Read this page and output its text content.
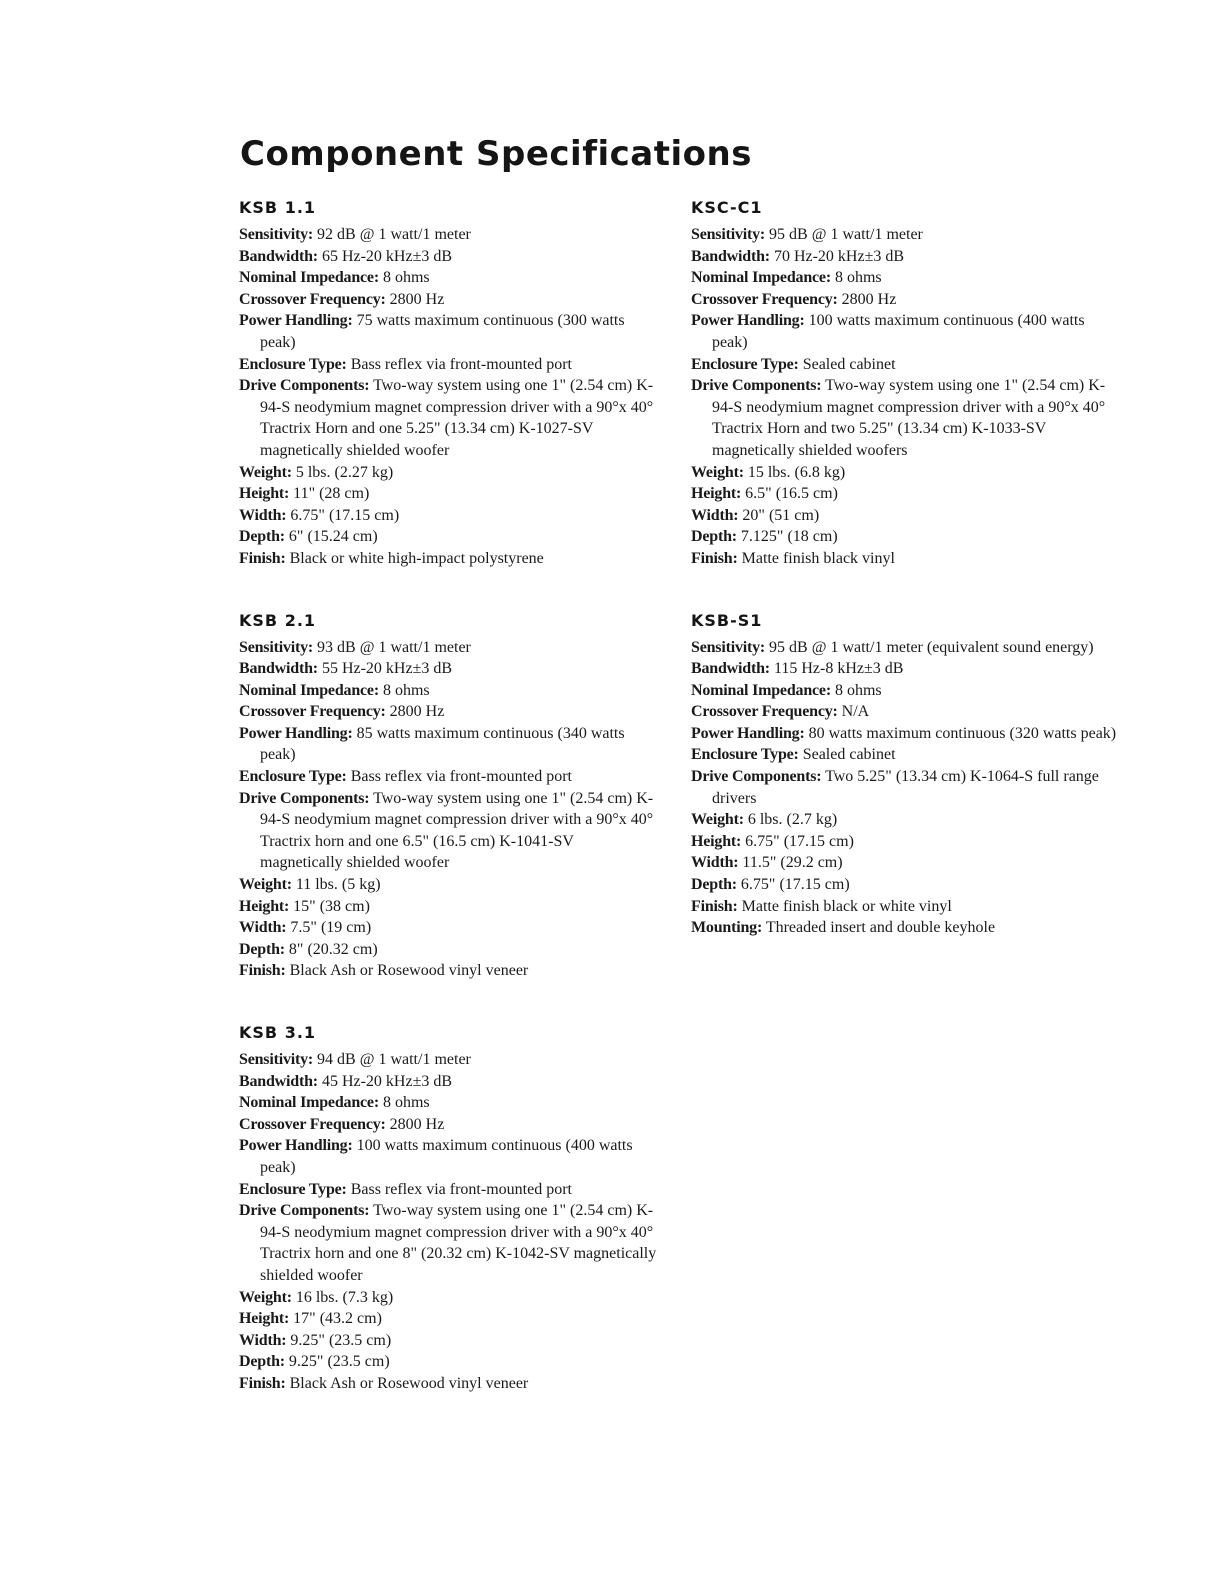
Component Specifications
KSB 1.1

Sensitivity: 92 dB @ 1 watt/1 meter

Bandwidth: 65 Hz-20 kHz±3 dB

Nominal Impedance: 8 ohms

Crossover Frequency: 2800 Hz

Power Handling: 75 watts maximum continuous (300 watts peak)

Enclosure Type: Bass reflex via front-mounted port

Drive Components: Two-way system using one 1" (2.54 cm) K-94-S neodymium magnet compression driver with a 90°x 40° Tractrix Horn and one 5.25" (13.34 cm) K-1027-SV magnetically shielded woofer

Weight: 5 lbs. (2.27 kg)

Height: 11" (28 cm)

Width: 6.75" (17.15 cm)

Depth: 6" (15.24 cm)

Finish: Black or white high-impact polystyrene

KSB 2.1

Sensitivity: 93 dB @ 1 watt/1 meter

Bandwidth: 55 Hz-20 kHz±3 dB

Nominal Impedance: 8 ohms

Crossover Frequency: 2800 Hz

Power Handling: 85 watts maximum continuous (340 watts peak)

Enclosure Type: Bass reflex via front-mounted port

Drive Components: Two-way system using one 1" (2.54 cm) K-94-S neodymium magnet compression driver with a 90°x 40° Tractrix horn and one 6.5" (16.5 cm) K-1041-SV magnetically shielded woofer

Weight: 11 lbs. (5 kg)

Height: 15" (38 cm)

Width: 7.5" (19 cm)

Depth: 8" (20.32 cm)

Finish: Black Ash or Rosewood vinyl veneer

KSB 3.1

Sensitivity: 94 dB @ 1 watt/1 meter

Bandwidth: 45 Hz-20 kHz±3 dB

Nominal Impedance: 8 ohms

Crossover Frequency: 2800 Hz

Power Handling: 100 watts maximum continuous (400 watts peak)

Enclosure Type: Bass reflex via front-mounted port

Drive Components: Two-way system using one 1" (2.54 cm) K-94-S neodymium magnet compression driver with a 90°x 40° Tractrix horn and one 8" (20.32 cm) K-1042-SV magnetically shielded woofer

Weight: 16 lbs. (7.3 kg)

Height: 17" (43.2 cm)

Width: 9.25" (23.5 cm)

Depth: 9.25" (23.5 cm)

Finish: Black Ash or Rosewood vinyl veneer

KSC-C1

Sensitivity: 95 dB @ 1 watt/1 meter

Bandwidth: 70 Hz-20 kHz±3 dB

Nominal Impedance: 8 ohms

Crossover Frequency: 2800 Hz

Power Handling: 100 watts maximum continuous (400 watts peak)

Enclosure Type: Sealed cabinet

Drive Components: Two-way system using one 1" (2.54 cm) K-94-S neodymium magnet compression driver with a 90°x 40° Tractrix Horn and two 5.25" (13.34 cm) K-1033-SV magnetically shielded woofers

Weight: 15 lbs. (6.8 kg)

Height: 6.5" (16.5 cm)

Width: 20" (51 cm)

Depth: 7.125" (18 cm)

Finish: Matte finish black vinyl

KSB-S1

Sensitivity: 95 dB @ 1 watt/1 meter (equivalent sound energy)

Bandwidth: 115 Hz-8 kHz±3 dB

Nominal Impedance: 8 ohms

Crossover Frequency: N/A

Power Handling: 80 watts maximum continuous (320 watts peak)

Enclosure Type: Sealed cabinet

Drive Components: Two 5.25" (13.34 cm) K-1064-S full range drivers

Weight: 6 lbs. (2.7 kg)

Height: 6.75" (17.15 cm)

Width: 11.5" (29.2 cm)

Depth: 6.75" (17.15 cm)

Finish: Matte finish black or white vinyl

Mounting: Threaded insert and double keyhole
